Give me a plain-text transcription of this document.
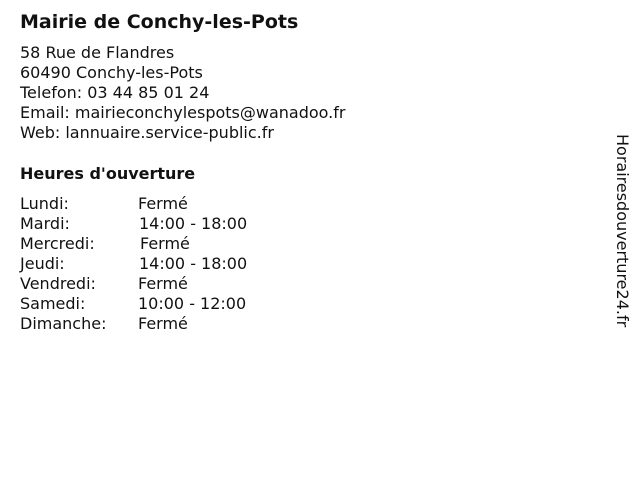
Mairie de Conchy-les-Pots
58 Rue de Flandres
60490 Conchy-les-Pots
Telefon: 03 44 85 01 24
Email: mairieconchylespots@wanadoo.fr
Web: lannuaire.service-public.fr
Heures d'ouverture
Lundi:	Fermé
Mardi:	14:00 - 18:00
Mercredi:	Fermé
Jeudi:	14:00 - 18:00
Vendredi:	Fermé
Samedi:	10:00 - 12:00
Dimanche: Fermé	Horairesdouverture24.fr
